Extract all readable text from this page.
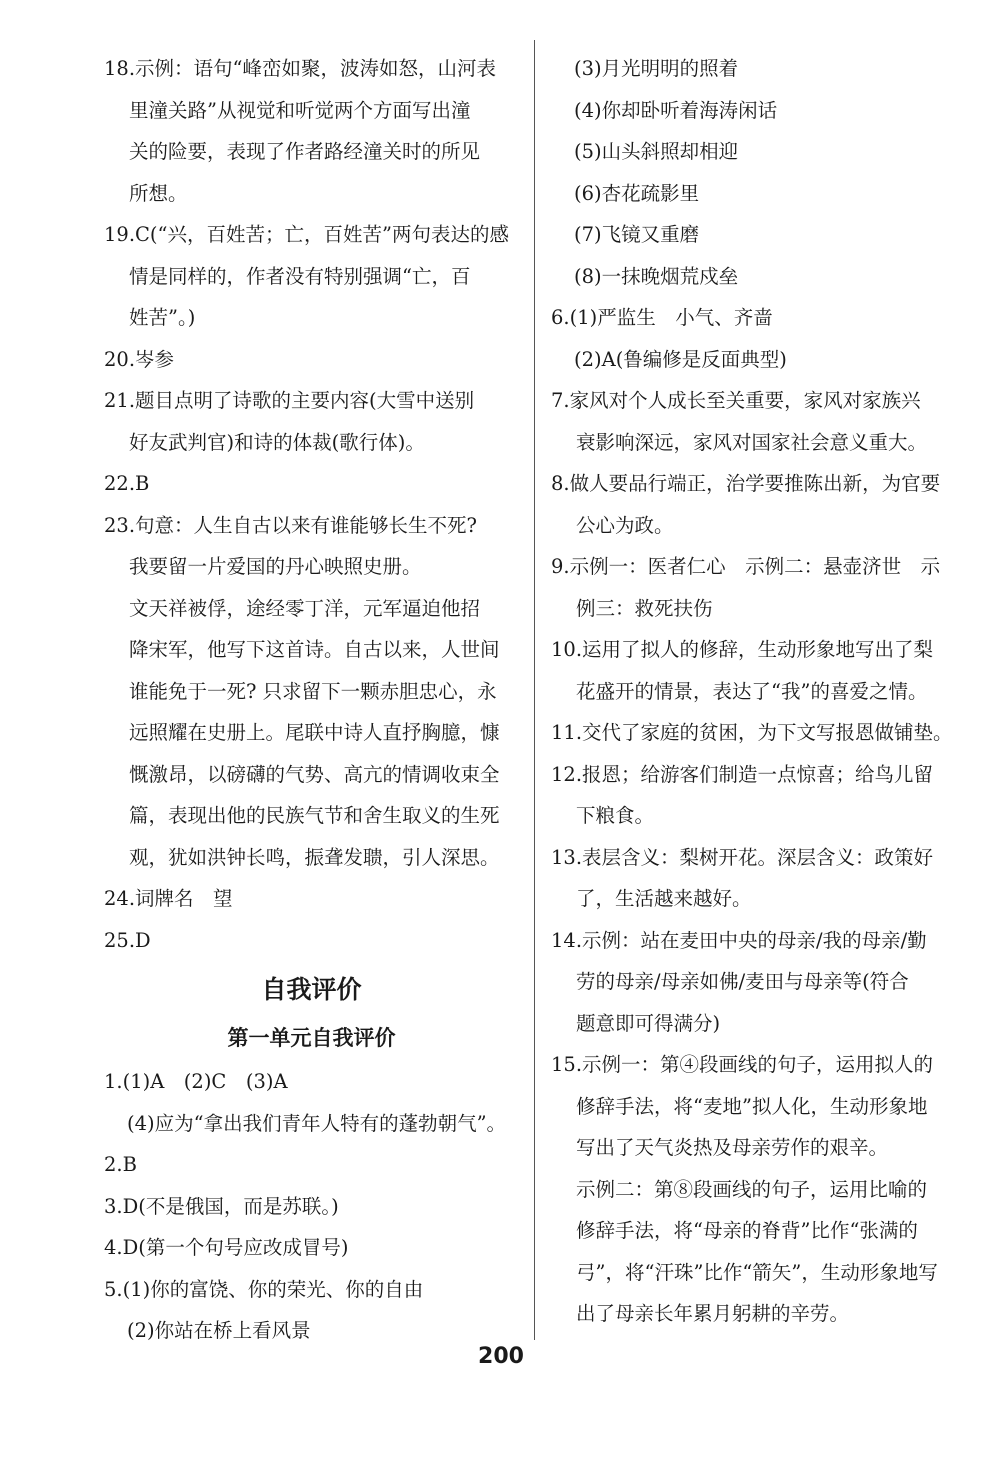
18.示例：语句“峰峦如聚，波涛如怒，山河表
里潼关路”从视觉和听觉两个方面写出潼
关的险要，表现了作者路经潼关时的所见
所想。
19.C(“兴，百姓苦；亡，百姓苦”两句表达的感
情是同样的，作者没有特别强调“亡，百
姓苦”。)
20.岑参
21.题目点明了诗歌的主要内容(大雪中送别
好友武判官)和诗的体裁(歌行体)。
22.B
23.句意：人生自古以来有谁能够长生不死?
我要留一片爱国的丹心映照史册。
文天祥被俘，途经零丁洋，元军逼迫他招
降宋军，他写下这首诗。自古以来，人世间
谁能免于一死? 只求留下一颗赤胆忠心，永
远照耀在史册上。尾联中诗人直抒胸臆，慷
慨激昂，以磅礴的气势、高亢的情调收束全
篇，表现出他的民族气节和舍生取义的生死
观，犹如洪钟长鸣，振聋发聩，引人深思。
24.词牌名　望
25.D
自我评价
第一单元自我评价
1.(1)A　(2)C　(3)A
(4)应为“拿出我们青年人特有的蓬勃朝气”。
2.B
3.D(不是俄国，而是苏联。)
4.D(第一个句号应改成冒号)
5.(1)你的富饶、你的荣光、你的自由
(2)你站在桥上看风景
(3)月光明明的照着
(4)你却卧听着海涛闲话
(5)山头斜照却相迎
(6)杏花疏影里
(7)飞镜又重磨
(8)一抹晚烟荒戍垒
6.(1)严监生　小气、齐啬
(2)A(鲁编修是反面典型)
7.家风对个人成长至关重要，家风对家族兴
衰影响深远，家风对国家社会意义重大。
8.做人要品行端正，治学要推陈出新，为官要
公心为政。
9.示例一：医者仁心　示例二：悬壶济世　示
例三：救死扶伤
10.运用了拟人的修辞，生动形象地写出了梨
花盛开的情景，表达了“我”的喜爱之情。
11.交代了家庭的贫困，为下文写报恩做铺垫。
12.报恩；给游客们制造一点惊喜；给鸟儿留
下粮食。
13.表层含义：梨树开花。深层含义：政策好
了，生活越来越好。
14.示例：站在麦田中央的母亲/我的母亲/勤
劳的母亲/母亲如佛/麦田与母亲等(符合
题意即可得满分)
15.示例一：第④段画线的句子，运用拟人的
修辞手法，将“麦地”拟人化，生动形象地
写出了天气炎热及母亲劳作的艰辛。
示例二：第⑧段画线的句子，运用比喻的
修辞手法，将“母亲的脊背”比作“张满的
弓”，将“汗珠”比作“箭矢”，生动形象地写
出了母亲长年累月躬耕的辛劳。
200
